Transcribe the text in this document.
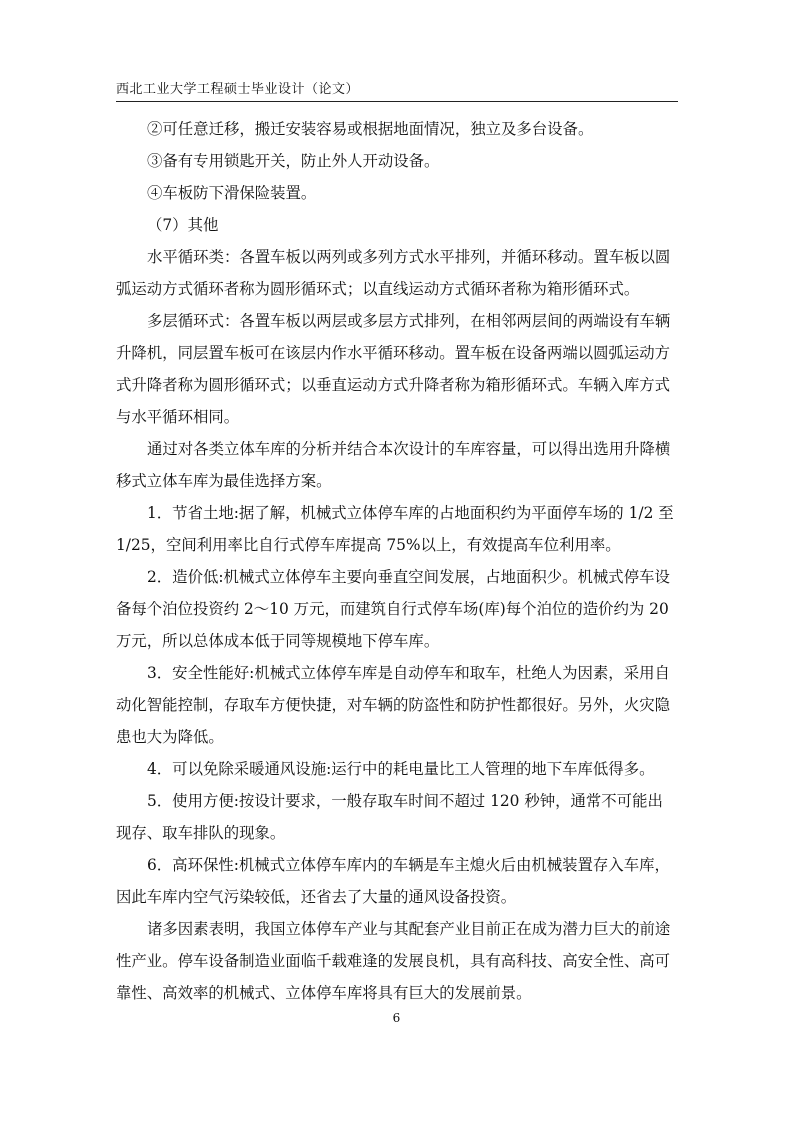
西北工业大学工程硕士毕业设计（论文）

②可任意迁移，搬迁安装容易或根据地面情况，独立及多台设备。

③备有专用锁匙开关，防止外人开动设备。

④车板防下滑保险装置。

（7）其他

水平循环类：各置车板以两列或多列方式水平排列，并循环移动。置车板以圆弧运动方式循环者称为圆形循环式；以直线运动方式循环者称为箱形循环式。

多层循环式：各置车板以两层或多层方式排列，在相邻两层间的两端设有车辆升降机，同层置车板可在该层内作水平循环移动。置车板在设备两端以圆弧运动方式升降者称为圆形循环式；以垂直运动方式升降者称为箱形循环式。车辆入库方式与水平循环相同。

通过对各类立体车库的分析并结合本次设计的车库容量，可以得出选用升降横移式立体车库为最佳选择方案。

1．节省土地:据了解，机械式立体停车库的占地面积约为平面停车场的 1/2 至 1/25，空间利用率比自行式停车库提高 75%以上，有效提高车位利用率。

2．造价低:机械式立体停车主要向垂直空间发展，占地面积少。机械式停车设备每个泊位投资约 2～10 万元，而建筑自行式停车场(库)每个泊位的造价约为 20 万元，所以总体成本低于同等规模地下停车库。

3．安全性能好:机械式立体停车库是自动停车和取车，杜绝人为因素，采用自动化智能控制，存取车方便快捷，对车辆的防盗性和防护性都很好。另外，火灾隐患也大为降低。

4．可以免除采暖通风设施:运行中的耗电量比工人管理的地下车库低得多。

5．使用方便:按设计要求，一般存取车时间不超过 120 秒钟，通常不可能出现存、取车排队的现象。

6．高环保性:机械式立体停车库内的车辆是车主熄火后由机械装置存入车库，因此车库内空气污染较低，还省去了大量的通风设备投资。

诸多因素表明，我国立体停车产业与其配套产业目前正在成为潜力巨大的前途性产业。停车设备制造业面临千载难逢的发展良机，具有高科技、高安全性、高可靠性、高效率的机械式、立体停车库将具有巨大的发展前景。

6
